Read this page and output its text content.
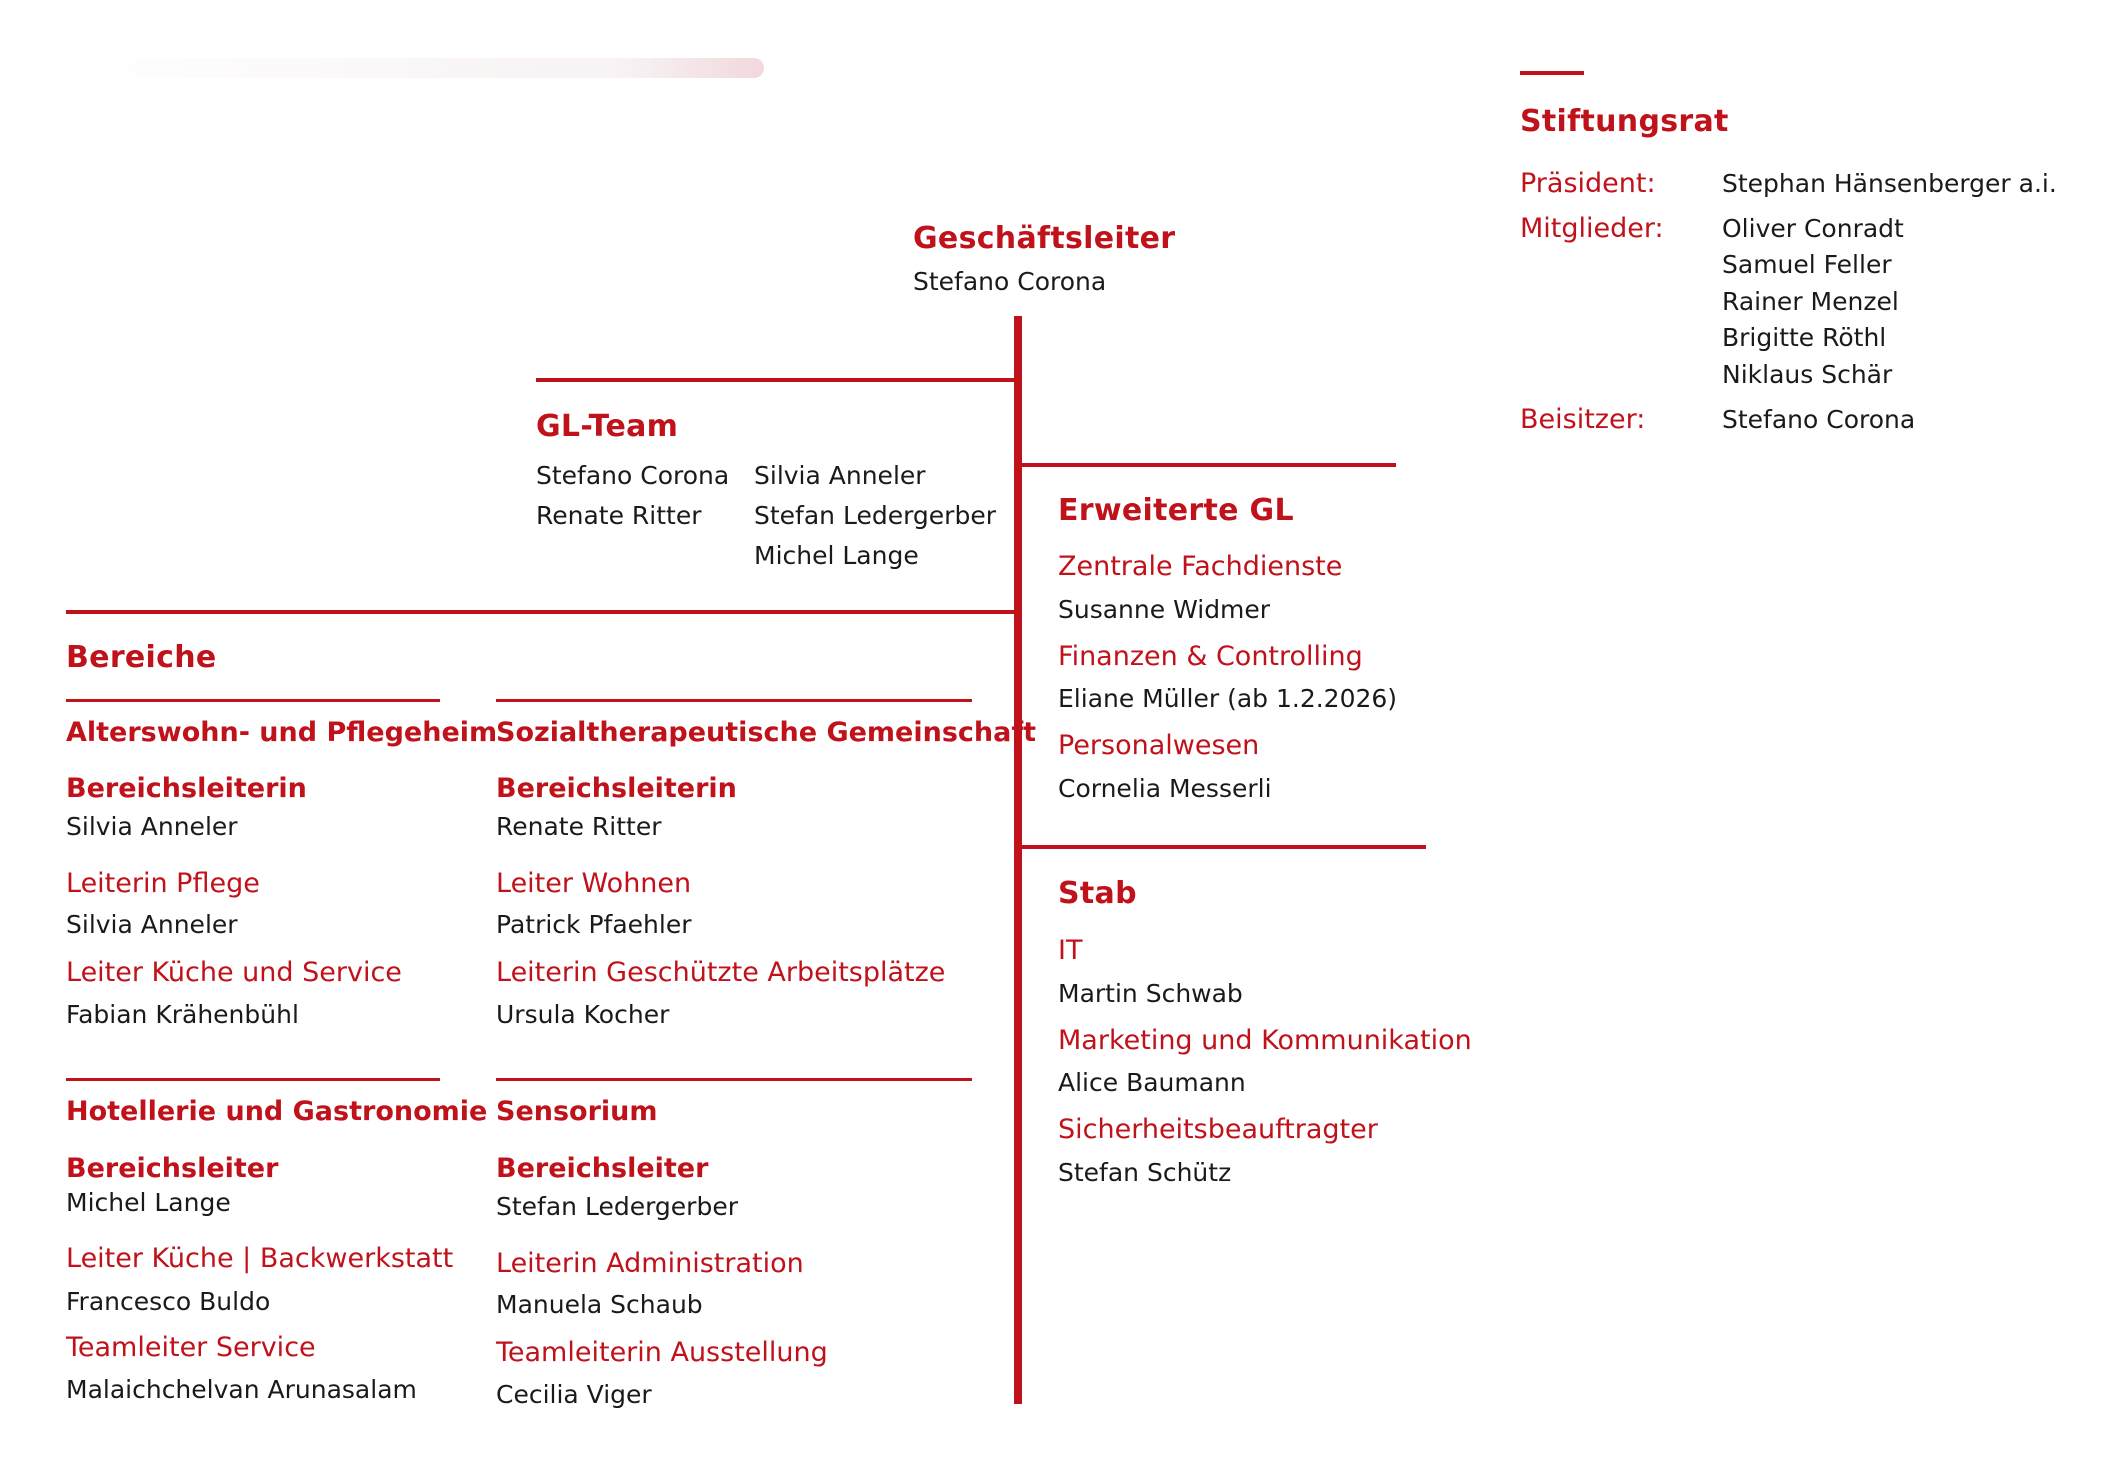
Stiftungsrat
Präsident:	Stephan Hänsenberger a.i.
Mitglieder: Oliver Conradt
Samuel Feller
Rainer Menzel
Brigitte Röthl
Niklaus Schär
Beisitzer:	Stefano Corona
Geschäftsleiter
Stefano Corona
GL-Team
Stefano Corona
Renate Ritter
Silvia Anneler
Stefan Ledergerber
Michel Lange
Erweiterte GL
Zentrale Fachdienste
Susanne Widmer
Finanzen & Controlling
Eliane Müller (ab 1.2.2026)
Personalwesen
Cornelia Messerli
Stab
IT
Martin Schwab
Marketing und Kommunikation
Alice Baumann
Sicherheitsbeauftragter
Stefan Schütz
Bereiche
Alterswohn- und Pflegeheim
Bereichsleiterin
Silvia Anneler
Leiterin Pflege
Silvia Anneler
Leiter Küche und Service
Fabian Krähenbühl
Sozialtherapeutische Gemeinschaft
Bereichsleiterin
Renate Ritter
Leiter Wohnen
Patrick Pfaehler
Leiterin Geschützte Arbeitsplätze
Ursula Kocher
Hotellerie und Gastronomie
Bereichsleiter
Michel Lange
Leiter Küche | Backwerkstatt
Francesco Buldo
Teamleiter Service
Malaichchelvan Arunasalam
Sensorium
Bereichsleiter
Stefan Ledergerber
Leiterin Administration
Manuela Schaub
Teamleiterin Ausstellung
Cecilia Viger
